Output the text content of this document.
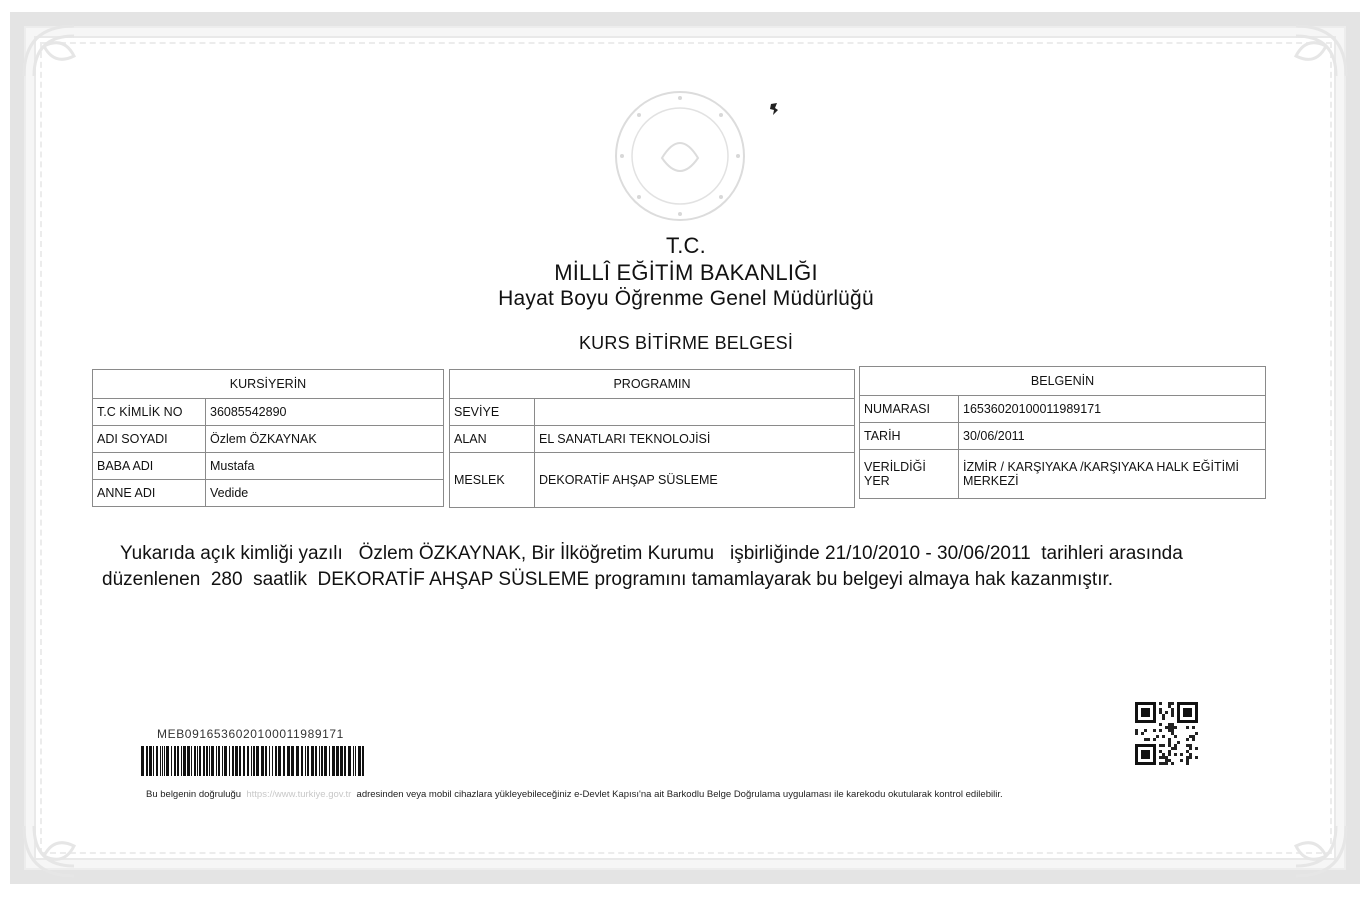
T.C.
MİLLÎ EĞİTİM BAKANLIĞI
Hayat Boyu Öğrenme Genel Müdürlüğü
KURS BİTİRME BELGESİ
KURSİYERİN	
T.C KİMLİK NO	36085542890
ADI SOYADI	Özlem ÖZKAYNAK
BABA ADI	Mustafa
ANNE ADI	Vedide
PROGRAMIN	
SEVİYE	
ALAN	EL SANATLARI TEKNOLOJİSİ
MESLEK	DEKORATİF AHŞAP SÜSLEME
BELGENİN	
NUMARASI	16536020100011989171
TARİH	30/06/2011
VERİLDİĞİ YER	İZMİR / KARŞIYAKA /KARŞIYAKA HALK EĞİTİMİ MERKEZİ
Yukarıda açık kimliği yazılı Özlem ÖZKAYNAK, Bir İlköğretim Kurumu işbirliğinde 21/10/2010 - 30/06/2011 tarihleri arasında düzenlenen 280 saatlik DEKORATİF AHŞAP SÜSLEME programını tamamlayarak bu belgeyi almaya hak kazanmıştır.
MEB0916536020100011989171
Bu belgenin doğruluğu https://www.turkiye.gov.tr adresinden veya mobil cihazlara yükleyebileceğiniz e-Devlet Kapısı'na ait Barkodlu Belge Doğrulama uygulaması ile karekodu okutularak kontrol edilebilir.
